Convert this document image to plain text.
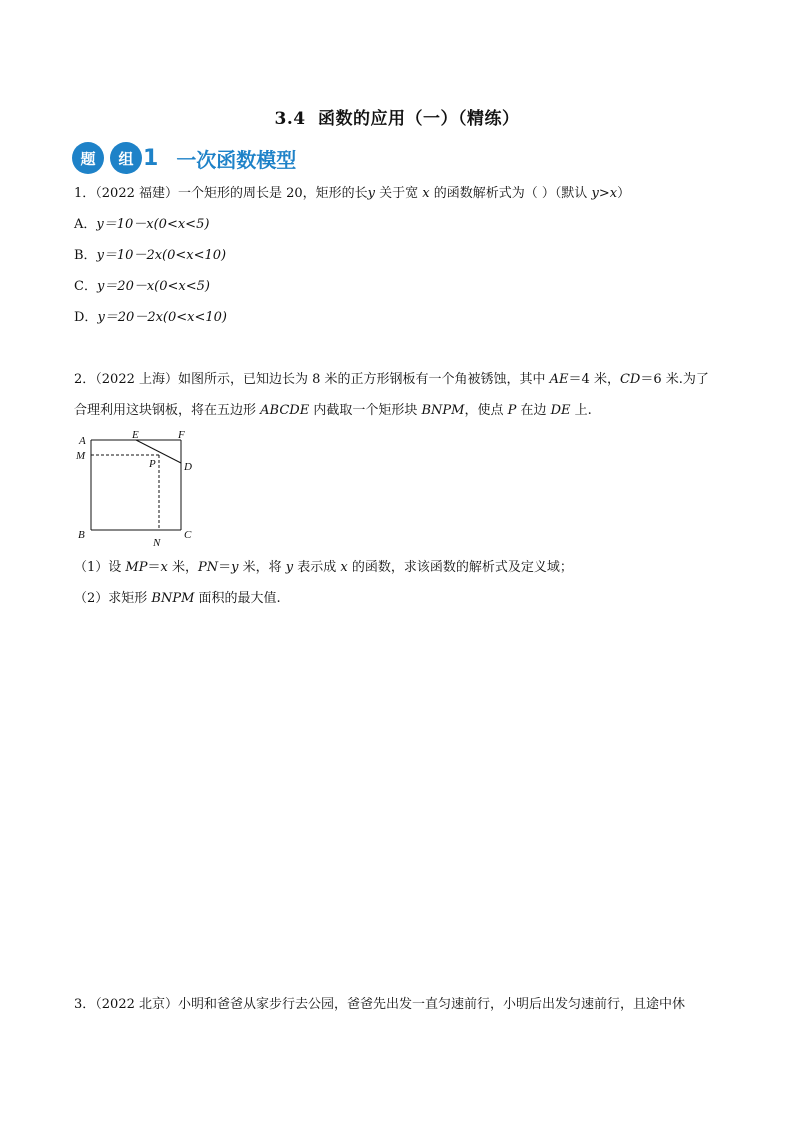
3.4 函数的应用（一）（精练）
题	组 1 一次函数模型
1．（2022 福建）一个矩形的周长是 20，矩形的长y 关于宽 x 的函数解析式为（ ）（默认 y>x）
A．y＝10－x(0<x<5)
B．y＝10－2x(0<x<10)
C．y＝20－x(0<x<5)
D．y＝20－2x(0<x<10)
2．（2022 上海）如图所示，已知边长为 8 米的正方形钢板有一个角被锈蚀，其中 AE＝4 米，CD＝6 米.为了
合理利用这块钢板，将在五边形 ABCDE 内截取一个矩形块 BNPM，使点 P 在边 DE 上.
A	E	F
M
P	D
B
N
C
（1）设 MP＝x 米，PN＝y 米，将 y 表示成 x 的函数，求该函数的解析式及定义域；
（2）求矩形 BNPM 面积的最大值.
3．（2022 北京）小明和爸爸从家步行去公园，爸爸先出发一直匀速前行，小明后出发匀速前行，且途中休
